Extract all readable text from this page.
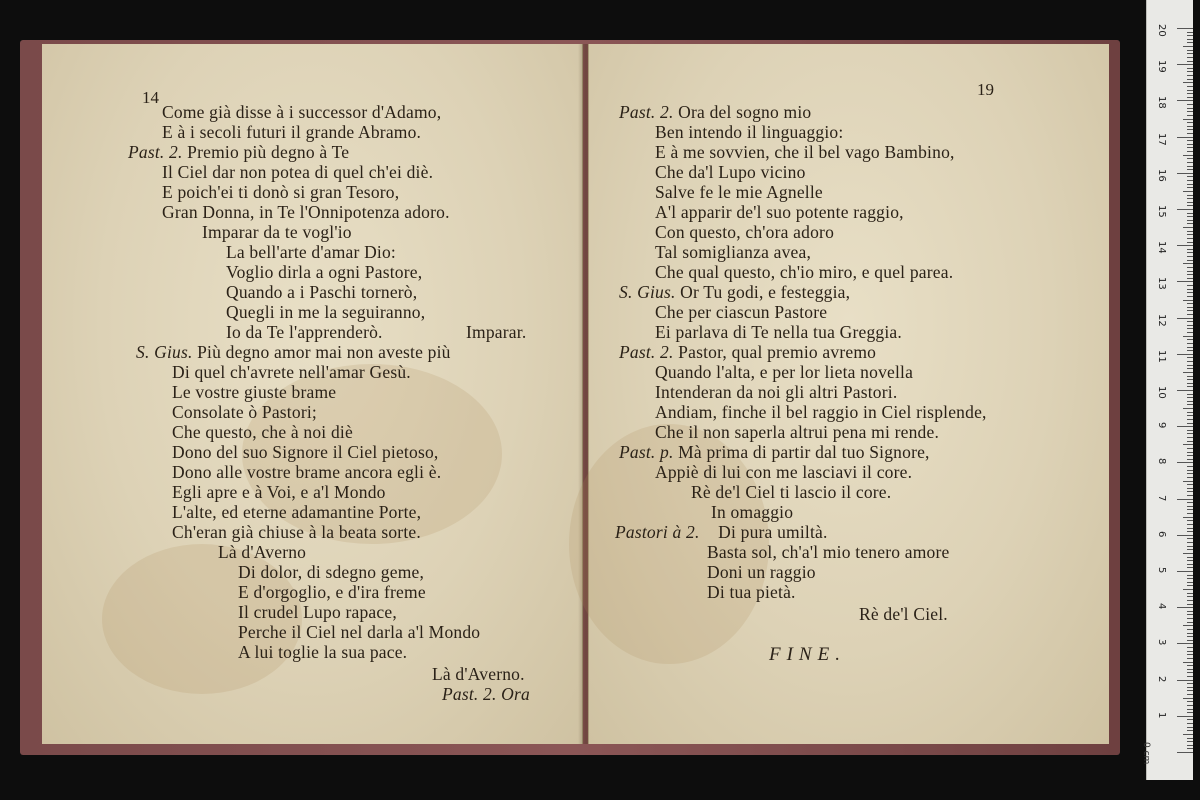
14
Come già disse à i successor d'Adamo,
E à i secoli futuri il grande Abramo.
Past. 2. Premio più degno à Te
Il Ciel dar non potea di quel ch'ei diè.
E poich'ei ti donò si gran Tesoro,
Gran Donna, in Te l'Onnipotenza adoro.
Imparar da te vogl'io
La bell'arte d'amar Dio:
Voglio dirla a ogni Pastore,
Quando a i Paschi tornerò,
Quegli in me la seguiranno,
Io da Te l'apprenderò.	Imparar.
S. Gius. Più degno amor mai non aveste più
Di quel ch'avrete nell'amar Gesù.
Le vostre giuste brame
Consolate ò Pastori;
Che questo, che à noi diè
Dono del suo Signore il Ciel pietoso,
Dono alle vostre brame ancora egli è.
Egli apre e à Voi, e a'l Mondo
L'alte, ed eterne adamantine Porte,
Ch'eran già chiuse à la beata sorte.
Là d'Averno
Di dolor, di sdegno geme,
E d'orgoglio, e d'ira freme
Il crudel Lupo rapace,
Perche il Ciel nel darla a'l Mondo
A lui toglie la sua pace.
Là d'Averno.
Past. 2. Ora
19
Past. 2. Ora del sogno mio
Ben intendo il linguaggio:
E à me sovvien, che il bel vago Bambino,
Che da'l Lupo vicino
Salve fe le mie Agnelle
A'l apparir de'l suo potente raggio,
Con questo, ch'ora adoro
Tal somiglianza avea,
Che qual questo, ch'io miro, e quel parea.
S. Gius. Or Tu godi, e festeggia,
Che per ciascun Pastore
Ei parlava di Te nella tua Greggia.
Past. 2. Pastor, qual premio avremo
Quando l'alta, e per lor lieta novella
Intenderan da noi gli altri Pastori.
Andiam, finche il bel raggio in Ciel risplende,
Che il non saperla altrui pena mi rende.
Past. p. Mà prima di partir dal tuo Signore,
Appiè di lui con me lasciavi il core.
Rè de'l Ciel ti lascio il core.
In omaggio
Pastori à 2. Di pura umiltà.
Basta sol, ch'a'l mio tenero amore
Doni un raggio
Di tua pietà.
Rè de'l Ciel.
FINE.
0 cm
1
2
3
4
5
6
7
8
9
10
11
12
13
14
15
16
17
18
19
20
